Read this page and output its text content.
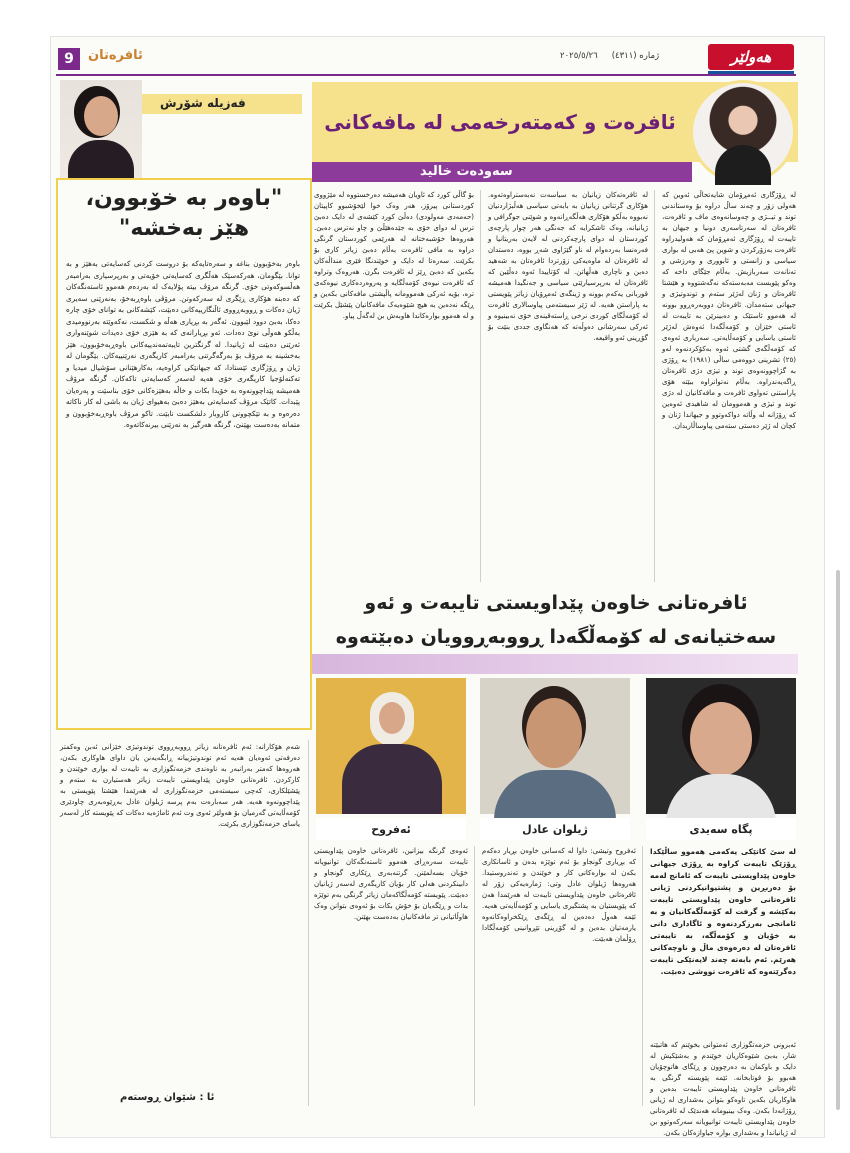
9	ئافرەتان	ژمارە (٤٣١١)
٢٠٢٥/٥/٢٦	هەولێر
ئافرەت و کەمتەرخەمی لە مافەکانی
سەودەت خالید
لە ڕۆژگاری ئەمڕۆمان شایەتحاڵی ئەوین کە هەولی زۆر و چەند ساڵ دراوە بۆ وەستاندنی توند و تیــژی و چەوسانەوەی ماف و ئافرەت، ئافرەتان لە سەرتاسەری دونیا و جیهان بە تایبەت لە ڕۆژگاری ئەمڕۆمان کە هەولیدراوە ئافرەت بەزۆرکردن و شوین پێ هەبی لە بواری سیاسی و زانستی و ئابووری و وەرزشی و تەنانەت سەربازیش. بەڵام جێگای داخە کە وەکو پێویست مەبەستەکە نەگەشتووە و هێشتا ئافرەتان و ژنان لەژێر ستەم و توندوتیژی و جیهانی ستەمدان. ئافرەتان دووبەرەڕوو بوونە لە هەموو ئاستێک و دەبینرێن بە تایبەت لە ئاستی خێزان و کۆمەڵگەدا ئەوەش لەژێر ئاستی یاسایی و کۆمەڵایەتی. سەرباری ئەوەی کە کۆمەڵگەی گشتی ئەوە بەکۆکردنەوە لەو (٢٥) تشرینی دووەمی ساڵی (١٩٨١) بە ڕۆژی بە گژاچوونەوەی توند و تیژی دژی ئافرەتان ڕاگەیەندراوە. بەڵام نەتوانراوە ببێتە هۆی پاراستنی تەواوی ئافرەت و مافەکانیان لە دژی توند و تیژی و هەموومان لە شاهیدی ئەوەین کە ڕۆژانە لە وڵاتە دواکەوتوو و جیهاندا ژنان و کچان لە ژێر دەستی ستەمی پیاوساڵاریدان.
لە ئافرەتەکان زیانیان بە سیاسەت نەبەستراوەتەوە. هۆکاری گرتنانی زیانیان بە بابەتی سیاسی هەڵبژاردنیان نەبووە بەڵکو هۆکاری هەڵگەڕانەوە و شوێنی جوگرافی و ژیانیانە، وەک ئاشکرایە کە جەنگی هەر چوار پارچەی کوردستان لە دوای پارچەکردنی لە لایەن بەریتانیا و فەرەنسا بەردەوام لە ناو گێژاوی شەڕ بووە، دەستدان لە ئافرەتان لە ماوەیەکی زۆرتردا ئافرەتان بە شەهید دەبن و ناچاری هەڵهاتن. لە کۆتاییدا ئەوە دەڵێین کە ئافرەتان لە بەرپرسیارێتی سیاسی و جەنگیدا هەمیشە قوربانی یەکەم بوونە و ژینگەی ئەمڕۆیان زیاتر پێویستی بە پاراستن هەیە. لە ژێر سیستەمی پیاوسالاری ئافرەت لە کۆمەڵگای کوردی نرخی ڕاستەقینەی خۆی نەبینیوە و ئەرکی سەرشانی دەوڵەتە کە هەنگاوی جددی بنێت بۆ گۆڕینی ئەو واقیعە.
بۆ گاڵی کورد کە ئاویان هەمیشە دەرخستووە لە مێژووی کوردستانی پیرۆز، هەر وەک خوا لێخۆشبوو کاپیتان (حەمەدی مەولودی) دەڵێ کورد کێشەی لە دایک دەبێ ترس لە دوای خۆی بە جێدەهێڵێ و چاو نەترس دەبێ. هەروەها خۆشبەختانە لە هەرێمی کوردستان گرنگی دراوە بە مافی ئافرەت بەڵام دەبێ زیاتر کاری بۆ بکرێت. سەرەتا لە دایک و خوێندنگا فێری منداڵەکان بکەین کە دەبێ ڕێز لە ئافرەت بگرن. هەروەک وتراوە کە ئافرەت نیوەی کۆمەڵگایە و پەروەردەکاری نیوەکەی ترە، بۆیە ئەرکی هەموومانە پاڵپشتی مافەکانی بکەین و ڕێگە نەدەین بە هیچ شێوەیەک مافەکانیان پێشێل بکرێت و لە هەموو بوارەکاندا هاوبەش بن لەگەڵ پیاو.
فەزیلە شۆرش
"باوەر بە خۆبوون، هێز بەخشە"
باوەر بەخۆبوون بناغە و سەرەتایەکە بۆ دروست کردنی کەسایەتی بەهێز و بە توانا. بێگومان، هەرکەسێک هەڵگری کەسایەتی خۆیەتی و بەرپرسیاری بەرامبەر هەڵسوکەوتی خۆی. گرنگە مرۆڤ بیتە پۆلایەک لە بەردەم هەموو ئاستەنگەکان کە دەبنە هۆکاری ڕێگری لە سەرکەوتن. مرۆڤی باوەڕبەخۆ، بەنەرێنی سەیری ژیان دەکات و ڕووبەڕووی ئاڵنگارییەکانی دەبێت، کێشەکانی بە توانای خۆی چارە دەکا، بەبێ دوود لێبوون. ئەگەر بە بڕیاری هەڵە و شکست، نەکەوێتە بەرنوومیدی بەڵکو هەوڵی نوێ دەدات. ئەو بڕیارانەی کە بە هێزی خۆی دەیدات شوێنەواری ئەرێنی دەبێت لە ژیانیدا. لە گرنگترین تایبەتمەندییەکانی باوەڕبەخۆبوون، هێز بەخشینە بە مرۆڤ بۆ بەرگەگرتنی بەرامبەر کاریگەری نەرێنییەکان. بێگومان لە ژیان و ڕۆژگاری ئێستادا، کە جیهانێکی کراوەیە، بەکارهێنانی سۆشیال میدیا و تەکنەلۆجیا کاریگەری خۆی هەیە لەسەر کەسایەتی تاکەکان. گرنگە مرۆڤ هەمیشە پێداچوونەوە بە خۆیدا بکات و خاڵە بەهێزەکانی خۆی بناسێت و پەرەیان پێبدات. کاتێک مرۆڤ کەسایەتی بەهێز دەبێ بەهیوای ژیان بە باشی لە کار ناکاتە دەرەوە و بە تێکچوونی کاروبار دلشکست نابێت. تاکو مرۆڤ باوەڕبەخۆبوون و متمانە بەدەست بهێنێ، گرنگە هەرگیز بە نەرێنی بیرنەکاتەوە.
ئافرەتانی خاوەن پێداویستی تایبەت و ئەو سەختیانەی لە کۆمەڵگەدا ڕووبەڕوویان دەبێتەوە
پگاە سەیدی
ژیلوان عادل
ئەفروح
لە سێ کاتێکی یەکەمی هەموو ساڵێکدا ڕۆژێک تایبەت کراوە بە ڕۆژی جیهانی خاوەن پێداویستی تایبەت کە ئامانج لەمە بۆ دەربڕین و پشتیوانیکردنی ژیانی ئافرەتانی خاوەن پێداویستی تایبەت بەکێشە و گرفت لە کۆمەڵگەکانیان و بە ئامانجی بەرزکردنەوە و ئاگاداری دانی بە خۆیان و کۆمەڵگە، بە تایبەتی ئافرەتان لە دەرەوەی ماڵ و ناوچەکانی هەرێم. ئەم بابەتە چەند لایەنێکی تایبەت دەگرێتەوە کە ئافرەت تووشی دەبێت.
ئەبرونی خزمەتگوزاری ئەمتوانی بخوێنم کە هاتبێتە شار، بەبێ شێوەکاریان خوێندم و بەشێکیش لە دایک و باوکمان بە دەرچوون و ڕێگای هاتوچۆیان هەبوو بۆ قوتابخانە. ئێمە پێویستە گرنگی بە ئافرەتانی خاوەن پێداویستی تایبەت بدەین و هاوکاریان بکەین تاوەکو بتوانن بەشداری لە ژیانی ڕۆژانەدا بکەن. وەک بینیومانە هەندێک لە ئافرەتانی خاوەن پێداویستی تایبەت توانیویانە سەرکەوتوو بن لە ژیانیاندا و بەشداری بوارە جیاوازەکان بکەن.
ئەفروح وتیشی: داوا لە کەسانی خاوەن بڕیار دەکەم کە بڕیاری گونجاو بۆ ئەم توێژە بدەن و ئاسانکاری بکەن لە بوارەکانی کار و خوێندن و تەندروستیدا. هەروەها ژیلوان عادل وتی: ژمارەیەکی زۆر لە ئافرەتانی خاوەن پێداویستی تایبەت لە هەرێمدا هەن کە پێویستیان بە پشتگیری یاسایی و کۆمەڵایەتی هەیە. ئێمە هەوڵ دەدەین لە ڕێگەی ڕێکخراوەکانەوە یارمەتیان بدەین و لە گۆڕینی تێڕوانینی کۆمەڵگادا ڕۆڵمان هەبێت.
ئەوەی گرنگە بیزانین، ئافرەتانی خاوەن پێداویستی تایبەت سەرەڕای هەموو ئاستەنگەکان توانیویانە خۆیان بسەلمێنن. گرتنەبەری ڕێکاری گونجاو و دابینکردنی هەلی کار بۆیان کاریگەری لەسەر ژیانیان دەبێت. پێویستە کۆمەڵگاکەمان زیاتر گرنگی بەم توێژە بدات و ڕێگەیان بۆ خۆش بکات بۆ ئەوەی بتوانن وەک هاوڵاتیانی تر مافەکانیان بەدەست بهێنن.
شەم هۆکارانە: ئەم ئافرەتانە زیاتر ڕووبەڕووی توندوتیژی خێزانی ئەبن وەکمتر دەرفەتی ئەوەیان هەیە ئەم توندوتیژییانە ڕابگەیەنن یان داوای هاوکاری بکەن، هەروەها کەمتر بەرانبەر بە ناوەندی خزمەتگوزاری بە تایبەت لە بواری خوێندن و کارکردن. ئافرەتانی خاوەن پێداویستی تایبەت زیاتر هەستیارن بە ستەم و پێشێلکاری، کەچی سیستەمی خزمەتگوزاری لە هەرێمدا هێشتا پێویستی بە پێداچوونەوە هەیە. هەر سەبارەت بەم پرسە ژیلوان عادل بەڕێوەبەری چاودێری کۆمەڵایەتی گەرمیان بۆ هەولێر ئەوی وت ئەم ئاماژەیە دەکات کە پێویستە کار لەسەر یاسای خزمەتگوزاری بکرێت.
ئا : شێوان ڕوستەم
